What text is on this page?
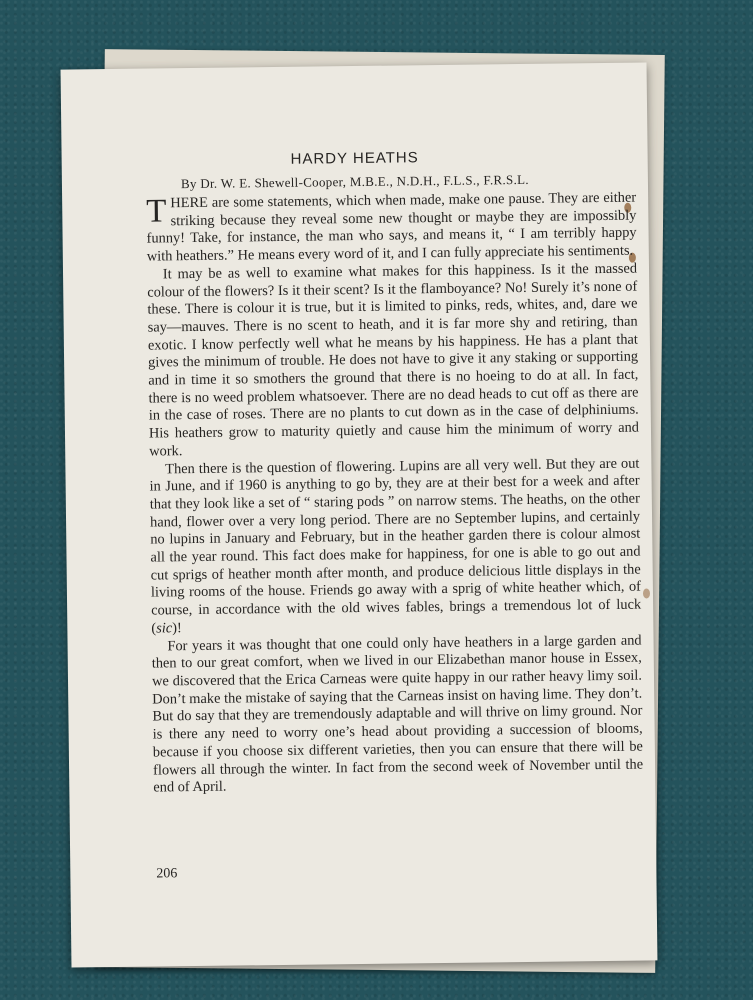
HARDY HEATHS
By Dr. W. E. Shewell-Cooper, M.B.E., N.D.H., F.L.S., F.R.S.L.

THERE are some statements, which when made, make one pause. They are either striking because they reveal some new thought or maybe they are impossibly funny! Take, for instance, the man who says, and means it, “ I am terribly happy with heathers.” He means every word of it, and I can fully appreciate his sentiments.

It may be as well to examine what makes for this happiness. Is it the massed colour of the flowers? Is it their scent? Is it the flamboyance? No! Surely it’s none of these. There is colour it is true, but it is limited to pinks, reds, whites, and, dare we say—mauves. There is no scent to heath, and it is far more shy and retiring, than exotic. I know perfectly well what he means by his happiness. He has a plant that gives the minimum of trouble. He does not have to give it any staking or supporting and in time it so smothers the ground that there is no hoeing to do at all. In fact, there is no weed problem whatsoever. There are no dead heads to cut off as there are in the case of roses. There are no plants to cut down as in the case of delphiniums. His heathers grow to maturity quietly and cause him the minimum of worry and work.

Then there is the question of flowering. Lupins are all very well. But they are out in June, and if 1960 is anything to go by, they are at their best for a week and after that they look like a set of “ staring pods ” on narrow stems. The heaths, on the other hand, flower over a very long period. There are no September lupins, and certainly no lupins in January and February, but in the heather garden there is colour almost all the year round. This fact does make for happiness, for one is able to go out and cut sprigs of heather month after month, and produce delicious little displays in the living rooms of the house. Friends go away with a sprig of white heather which, of course, in accordance with the old wives fables, brings a tremendous lot of luck (sic)!

For years it was thought that one could only have heathers in a large garden and then to our great comfort, when we lived in our Elizabethan manor house in Essex, we discovered that the Erica Carneas were quite happy in our rather heavy limy soil. Don’t make the mistake of saying that the Carneas insist on having lime. They don’t. But do say that they are tremendously adaptable and will thrive on limy ground. Nor is there any need to worry one’s head about providing a succession of blooms, because if you choose six different varieties, then you can ensure that there will be flowers all through the winter. In fact from the second week of November until the end of April.

206
